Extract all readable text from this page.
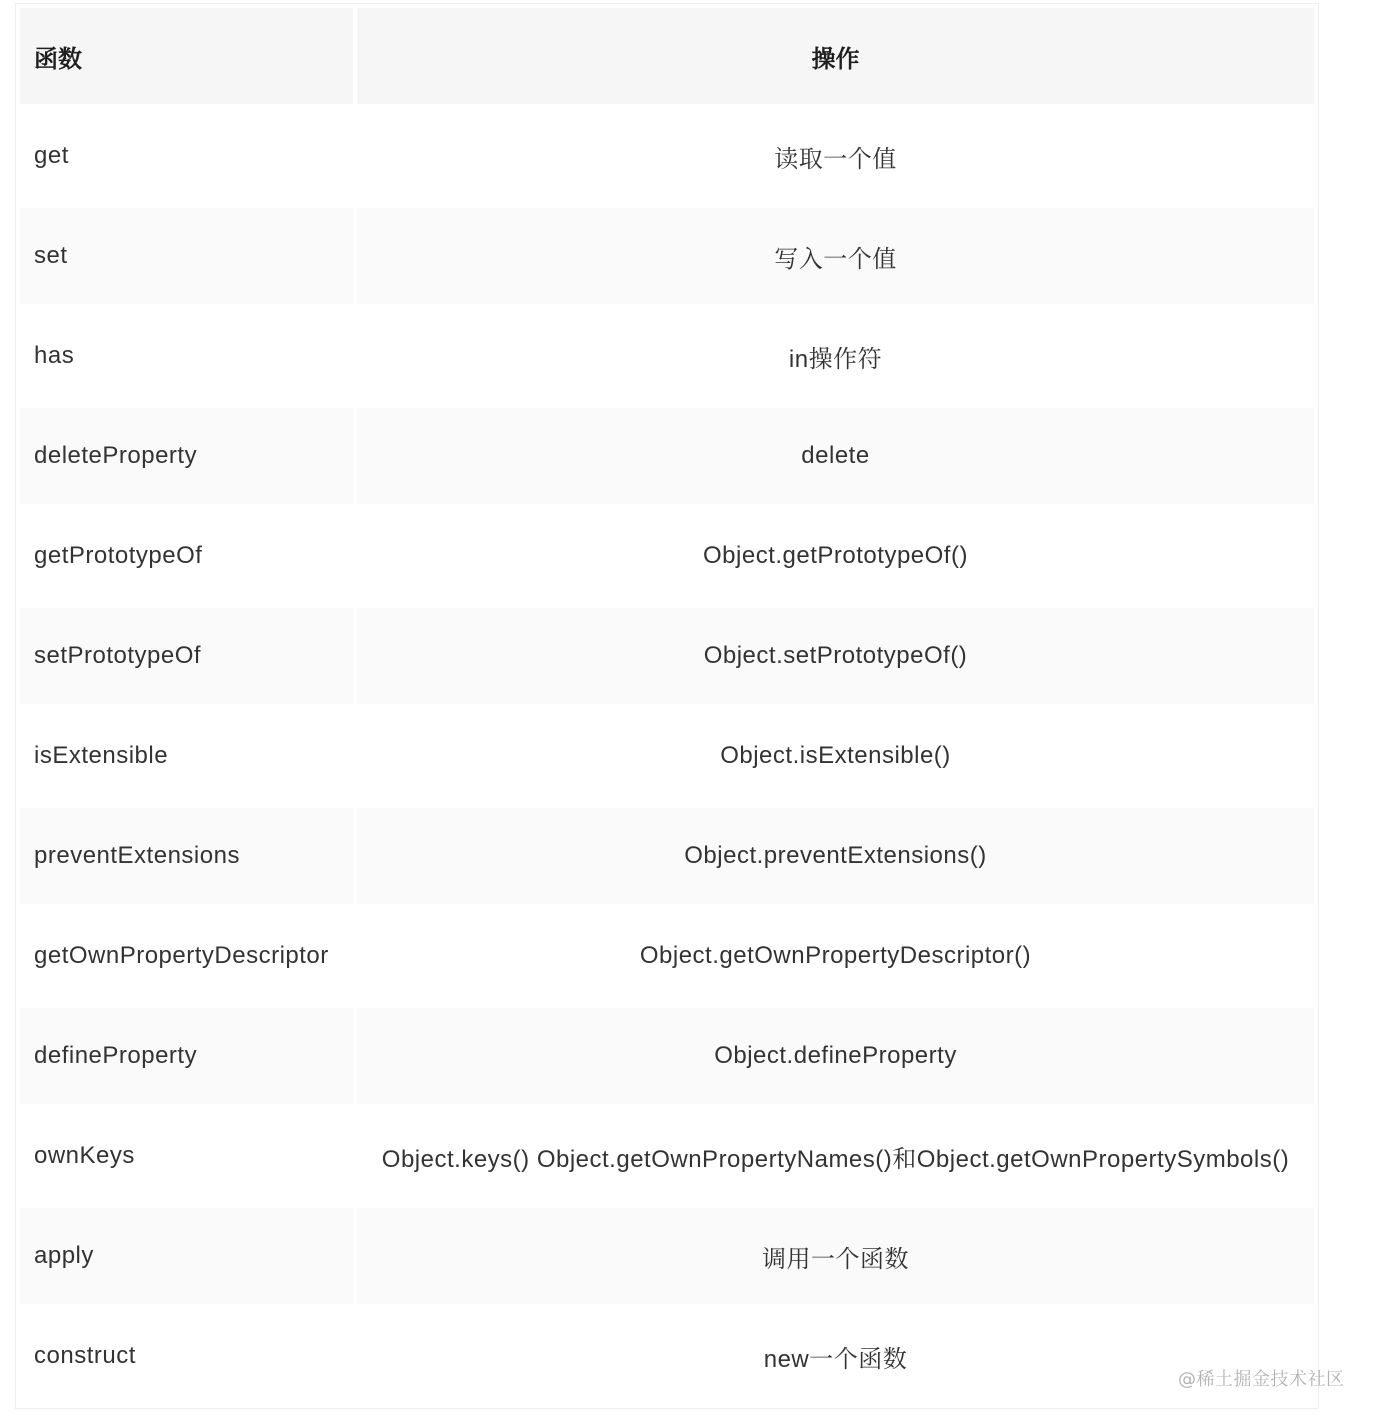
函数	操作
get	读取一个值
set	写入一个值
has	in操作符
deleteProperty	delete
getPrototypeOf	Object.getPrototypeOf()
setPrototypeOf	Object.setPrototypeOf()
isExtensible	Object.isExtensible()
preventExtensions	Object.preventExtensions()
getOwnPropertyDescriptor	Object.getOwnPropertyDescriptor()
defineProperty	Object.defineProperty
ownKeys	Object.keys() Object.getOwnPropertyNames()和Object.getOwnPropertySymbols()
apply	调用一个函数
construct	new一个函数
@稀土掘金技术社区
